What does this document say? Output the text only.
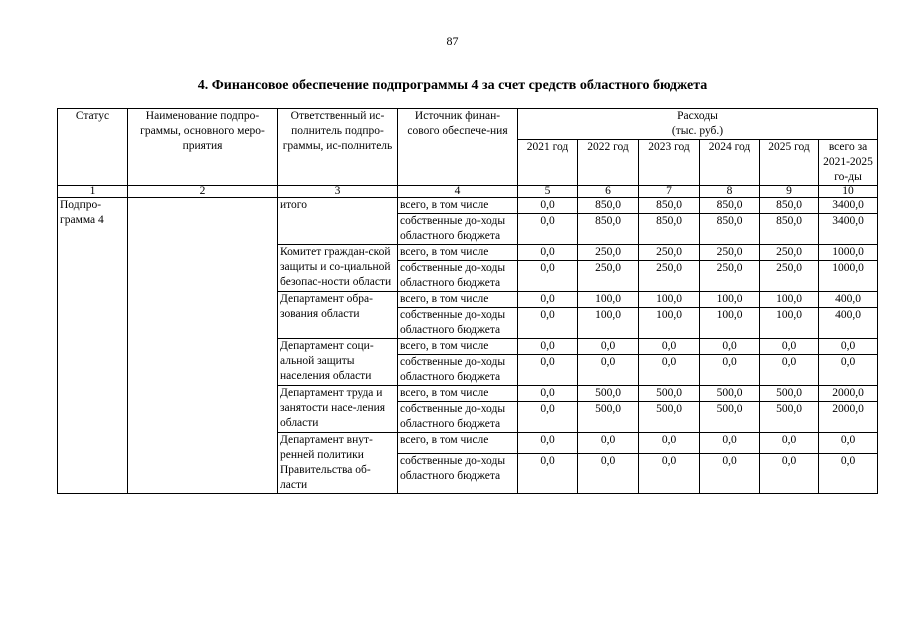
87
4. Финансовое обеспечение подпрограммы 4 за счет средств областного бюджета
Статус	Наименование подпро-граммы, основного меро-приятия	Ответственный ис-полнитель подпро-граммы, ис-полнитель	Источник финан-сового обеспече-ния	Расходы
(тыс. руб.)					

				2021 год	2022 год	2023 год	2024 год	2025 год	всего за 2021-2025 го-ды
1	2	3	4	5	6	7	8	9	10
Подпро-грамма 4		итого	всего, в том числе	0,0	850,0	850,0	850,0	850,0	3400,0
			собственные до-ходы областного бюджета	0,0	850,0	850,0	850,0	850,0	3400,0
		Комитет граждан-ской защиты и со-циальной безопас-ности области	всего, в том числе	0,0	250,0	250,0	250,0	250,0	1000,0
			собственные до-ходы областного бюджета	0,0	250,0	250,0	250,0	250,0	1000,0
		Департамент обра-зования области	всего, в том числе	0,0	100,0	100,0	100,0	100,0	400,0
			собственные до-ходы областного бюджета	0,0	100,0	100,0	100,0	100,0	400,0
		Департамент соци-альной защиты населения области	всего, в том числе	0,0	0,0	0,0	0,0	0,0	0,0
			собственные до-ходы областного бюджета	0,0	0,0	0,0	0,0	0,0	0,0
		Департамент труда и занятости насе-ления области	всего, в том числе	0,0	500,0	500,0	500,0	500,0	2000,0
			собственные до-ходы областного бюджета	0,0	500,0	500,0	500,0	500,0	2000,0
		Департамент внут-ренней политики Правительства об-ласти	всего, в том числе	0,0	0,0	0,0	0,0	0,0	0,0
			собственные до-ходы областного бюджета	0,0	0,0	0,0	0,0	0,0	0,0
